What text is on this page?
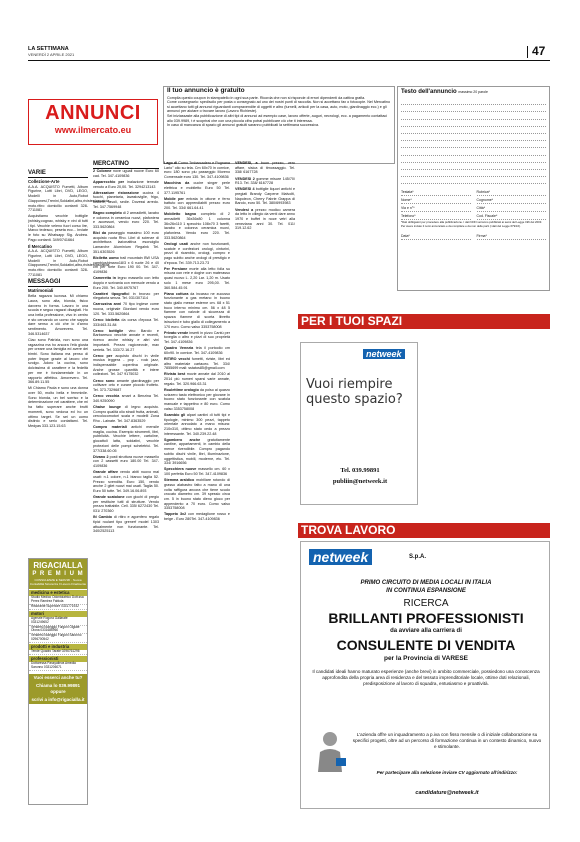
LA SETTIMANA
VENERDÌ 2 APRILE 2021	47
ANNUNCI
www.ilmercato.eu
Il tuo annuncio è gratuito

Compila questo coupon in stampatello in ogni sua parte. Ricorda che non si risponde di errori dipendenti da cattiva grafia.

Come consegnarlo: spediscilo per posta o consegnalo ad uno dei nostri punti di raccolta. Non si accettano fax o fotocopie. Nel Mercatino si accettano tutti gli annunci riguardanti compravendite di oggetti e altro (turnelli, articoli per la casa, auto, moto, giardinaggio ecc.) e gli annunci per aiutare o trovare lavoro (Lavoro Richieste).

Sei iniziassaste alla pubblicazione di altri tipi di annunci ad esempio case, lavoro offerte, auguri, necrologi, ecc. a pagamento contattaci allo 039.9989, t è scoprirai che con una piccola cifra potrai pubblicare ciò che ti interessa.

In caso di mancanza di spazio gli annunci gratuiti saranno pubblicati la settimana successiva.

Testo dell'annuncio massimo 20 parole
Testata*	Rubrica*
Nome*	Cognome*
Via e n°*	Città*
Telefono*	Cod. Fiscale*
*Dati obbligatori per procedere alla pubblicazione. I dati NON verranno pubblicati ai sensi del Legge 196 del 2003. Per avere inviato il nomi annunciato e da compilare e da non delle parti (i dati del Legge 679/16).
Data*	Firma*
VARIE
Collezione-Arte

A.A.A. ACQUISTO Fumetti, Album Figurine, Lotti Libri, DVD, LEGO, Modelli in Auto,Robot Giapponesi,Trenini,Soldatini,altro,rivistestascatola moto.ritiro domicilio contanti 328-7711081

Acquistiamo vecchie bottiglie (whisky,cognac, whisky e vini di tutti i tipi. Vecchie veleno fuori corso lire, Marco tedesco, peseta ecc... Inviate le foto su Whatsapp Sig. Andrea. Pago contanti. 349/0741664

Il Mercatino

A.A.A. ACQUISTO Fumetti, Album Figurine, Lotti Libri, DVD, LEGO, Modelli in Auto,Robot Giapponesi,Trenini,Soldatini,altro,rivistestascatola moto.ritiro domicilio contanti 328-7711081

MESSAGGI
Matrimoniali

Bella ragazza lucrosa. Mi chiamo Laura, sono alta, bionda, fisico davvero in forma. Lavoro in una scuola e seguo ragazzi disagiati. Ho una bella professione, vivo in centro e sto cercando un uomo che sappia dare senso a ciò che io d'anno sentimento. Amorevero. Tel. 346.5314637

Ciao sono Patrizia, non sono una ragazzina ma ho ancora l'età giusta per creare una famiglia ed avere dei bimbi. Sono italiana ma penso di poter lingue grazie al lavoro che svolgo. Adoro la cucina, sono dolcissima di carattere e la fedeltà per me è fondamentale in un rapporto affettivo. Amorevero. Tel. 366.89.11.55

Mi Chiamo Paola e sono una donna over 50, molto bella e femminile. Sono bionda, un bel sorriso e la determinazione nel carattere, che mi ha fatto superare anche brutti momenti, sono vedova ed ho un ottimo target. Se sei un uomo distinto e serio contattami. Tel. Medyas 333.123.15.63

RIGACIALLA
P R E M I U M
CONSULENZE E SERVIZI · Nuova Contabilità Sicurezza Il Lavoro Finalmente
medicina e estetica
Studio Medico Odontoiatrico Dott.ssa Perez Ramirez Fabiola
Ristorante Superiore 0331771932
motori
Agenzie Rogora Gallarate 0331249652
Vendersi Noleggio Furgoni Olgiate Olona 0331686960
Vendersi Noleggio Furgoni Saronno 0296700542
prodotti e industria
Tende Quadro Tarate 0296761296
professionisti
Dottoressa Passyalieva Amedia Saronno 0331206071
Vuoi esserci anche tu?
Chiama lo 039.99891 oppure
scrivi a info@rigacialla.it
MERCATINO

2 Colonne nove uguali nuove Euro 60 cad. Tel. 347-4109836

Apparecchio per inalazione termale venuto a Euro 20,00. Tel. 3294213143

Attrezzature ristorazione cucina 4 fuochi, planetaria, lavastoviglie, frigo, tostiere, tavoli, sedie. Dovessi arredo. Tel. 347.7569948

Bagno completo di 2 armadietti, lavabo e colonna in ceramica nuovi, plafoniera e accessori, vendo euro 220. Tel. 333.5620864

Bici da passeggio massimo 100 euro acquisto ruota Rho. Libri di scienze di architettura lazionattiva esonoiglio Lamarche Aluminium Regalnk Tel. 351.6303526

Biciletta uomo trail mountain BW USA cambioshimano18/3 x 6 ruote 26 e 40 cm per forte Euro 190 00. Tel. 347-4109836

Cameretta in legno massello con letto doppio e scrivania con mensole vendo a Euro 200. Tel. 340.6975767

Caratteri tipografici in bronzo per rilegatoria senza. Tel. 031/307114

Carrozzina anni 70 tipo inglese come nuova, originale Giordani vendo euro 120. Tel. 333.5620864

Cerco biciletta da corsa d'epoca Tel. 333/463.31.84

Cerco bottiglie vino Barolo e Barbaresco vecchie annate e recenti, ricerco anche whisky e altri vini importanti. Prezzo ragionevole, max serietà. Tel. 333/72.16.27

Cerco per acquisto dischi in vinile musica leggera - pop - rock jazz, indispensabile copertina originale. Anche grosse quantità e intere collezioni. Tel. 347 9175032

Cerco sono amante giardinaggio per coltivare orto e curare piccolo frutteto. Tel. 373.7329687

Cerco vecchia smart a Benzina Tel. 340.9250090

Chaise lounge di legno acquisto. Compro qualità olio stradi frutta, animali, cercolocomotori scala e modelli Zona Rho - Lainate. Tel. 347.8363529

Compro materiali antichi mensile maglia, cucina. Esempio strumenti, libri, pubblicità. Vecchie lettere, cartoline, giocattoli latta, soldatini, vecchie protezioni delle pompi scheletrici. Tel. 377/338.60.05

Divano 2 posti struttura nuove massello con 2 cassetti euro 180.00 Tel. 347-4109836

Grande affare vendo abiti nuovo mai usati: n.1 colore, n.1 bianco taglia 52. Prezzo svendita. Euro 150, vendo anche 2 gilet nuovi mai usati. Taglia 50. Euro 50 tutte. Tel. 349.16.06.893

Grande scatolone con giochi di pregio per restituire tutti di strutture. Vendo prezzo trattabile. Cell. 335/ 6272430 Tel. 031/ 270360

IN Cambio di ritiro e agomfero regalo tipici roulant tipo grenerf model 1303 attualmente non funzionante. Tel. 340/2525113

Lago di Como "Imbarcadero e Pognana Lario" olio su tela. Cm 60x70 in cornice, euro 180 sono piu passeggio Moreno Comensale euro 130. Tel. 347-4109836

Macchina da cucire singer perle elettrica e mobiletto Euro 50 Tel. 377.1195761

Mobile per entrata in ottone e ferro battuto con apprendiabiti prezzo euro 200. Tel. 334/ 661.64.41

Mobiletto bagno completo di 2 armadietti 36x36x80 1 colonna 36x26x110 1 specchio 108x70 3 faretti, lavabo e colonna ceramica nuovi, plafoniera. Vendo euro 220. Tel. 333.5620864

Orologi usati anche non funzionanti, scatole e confezioni orologi, cinturini, pezzi di ricambio, orologi, compro e pago subito anche orologi di prestigio e d'epoca. Tel. 339.713.23.73

Per Persiane morte alla letto folla su misura con rete e doghe con materasso quasi nuovo L. 2,20 Lar. 1,20 m. Usato solo 1 mese euro 295,00. Tel. 360.584.45.91

Piano cottura da incasso ne zucusso funzionante a gas metano in buono stato giallo messe esterne cm. 68 x 51 buco interno minimo cm. 56 x 48 5 fiamme con valvole di sicurezza di spazza fiamme di scorta libretto istruzioni e tubo giallo di collegamento a 170 euro. Como valso 3353758008

Privato vende inserti in pizzo Cantù per toveglia o altro e pizzi di suo proprietà Tel. 347-4109836

Quadro Venezia tela il portoolio cm 60x90. In cornice. Tel. 347-4109836

RITIRO vecchi fumetti, riviste, libri ed altro materiale cartaceo. Tel. 334/ 7855699 mail: sstatos85@gmail.com

Rivista best movie annate dal 2010 al 2014 più numeri sparsi varie annate, regalo. Tel. 320.966.63.31

Roulettime orologio da polso al quarzo svizzero tasto elettronico per giovane in buono stato funzionante con scatola manuale e tappetino e 80 euro. Como valso 3353758008

Scambio gli alpari cantini di tutti tipi e tipologie, minimo 300 pezzi, tappeto orientale annodato a mano misura: 210x310, ottimo stato cedo a prezzo interessante. Tel. 340.239.22.48

Sgombero anche gratuitamente cantine, appartamenti, in cambio della merce rivendibile. Compro pagando subito dischi vinile, libri, illuminazione, oggettistica, mobili, moderne, etc. Tel. 334/ 3916656

Specchiera nuove massello cm. 60 x 100 perfetta Euro 50 Tel. 347-4109836

Stemma araldico mobiliare rotondo di grasso alabastro fatto a mano di una volta raffigura ancora che tiene scudo crocato diametro cm. 39 spessio circa cm. 5 in buono stato dieno gioco per appendento a 70 euro. Como valso 3353758008

Tappeto 3x2 con medaglione rosso e beige - Euro 280Tel. 347-4109836

VENDESI, a buon prezzo, vero affare, sisica di timossaggio. Tel. 338/ 6167728

VENDESI 2 gomme misure 145/70/ R13. Tel. 338/ 6167728

VENDESI 4 bottiglie liquori antichi e pregiati Brandy Carpene Malvolti, Napoleon, Cherry Fabrie Grappa di Barolo, euro 50. Tel. 380/6993983

Vendesi a prezzo modico camera da letto in ciliegio da venti dare anno 1970 e buffet in noce vetri alla veneziana anni 30. Tel. 011/ 319.12.62

PER I TUOI SPAZI
netweek
Vuoi riempire questo spazio?
Tel. 039.99891
publiin@netweek.it
TROVA LAVORO
netweek	S.p.A.
PRIMO CIRCUITO DI MEDIA LOCALI IN ITALIA
IN CONTINUA ESPANSIONE
RICERCA
BRILLANTI PROFESSIONISTI
da avviare alla carriera di
CONSULENTE DI VENDITA
per la Provincia di VARESE
Il candidati ideali hanno maturato esperienze (anche brevi) in ambito commerciale, possiedono una conoscenza approfondita della propria area di residenza e del tessuto imprenditoriale locale, ottime doti relazionali, predisposizione al lavoro di squadra, entusiasmo e proattività.
L'azienda offre un inquadramento a p.iva con fisso mensile o di iniziale collaborazione su specifici progetti, oltre ad un percorso di formazione continua in un contesto dinamico, nuovo e stimolante.
Per partecipare alla selezione inviare CV aggiornato all'indirizzo:
candidature@netweek.it
